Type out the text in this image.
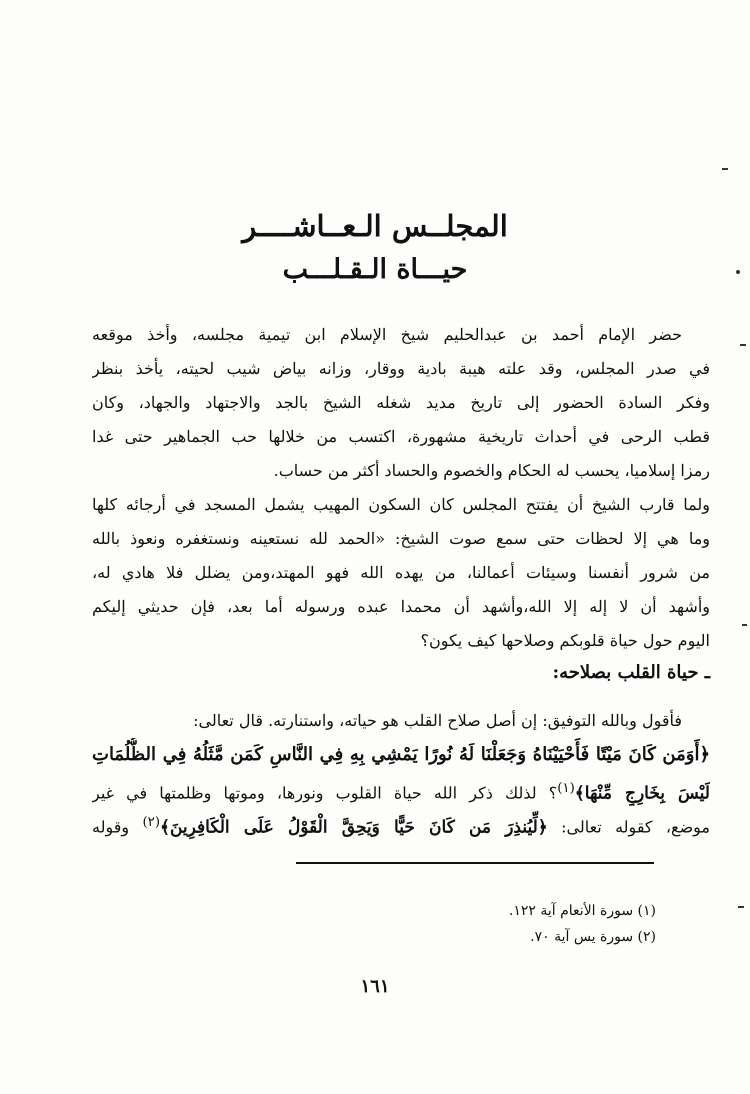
المجلــس الـعــاشــــر
حيـــاة الـقـلـــب
حضر الإمام أحمد بن عبدالحليم شيخ الإسلام ابن تيمية مجلسه، وأخذ موقعه
في صدر المجلس، وقد علته هيبة بادية ووقار، وزانه بياض شيب لحيته، يأخذ بنظر
وفكر السادة الحضور إلى تاريخ مديد شغله الشيخ بالجد والاجتهاد والجهاد، وكان
قطب الرحى في أحداث تاريخية مشهورة، اكتسب من خلالها حب الجماهير حتى غدا
رمزا إسلاميا، يحسب له الحكام والخصوم والحساد أكثر من حساب.
ولما قارب الشيخ أن يفتتح المجلس كان السكون المهيب يشمل المسجد في أرجائه كلها
وما هي إلا لحظات حتى سمع صوت الشيخ: «الحمد لله نستعينه ونستغفره ونعوذ بالله
من شرور أنفسنا وسيئات أعمالنا، من يهده الله فهو المهتد،ومن يضلل فلا هادي له،
وأشهد أن لا إله إلا الله،وأشهد أن محمدا عبده ورسوله أما بعد، فإن حديثي إليكم
اليوم حول حياة قلوبكم وصلاحها كيف يكون؟
ـ حياة القلب بصلاحه:
فأقول وبالله التوفيق: إن أصل صلاح القلب هو حياته، واستنارته. قال تعالى:
﴿أَوَمَن كَانَ مَيْتًا فَأَحْيَيْنَاهُ وَجَعَلْنَا لَهُ نُورًا يَمْشِي بِهِ فِي النَّاسِ كَمَن مَّثَلُهُ فِي الظُّلُمَاتِ
لَيْسَ بِخَارِجٍ مِّنْهَا﴾$^{(١)}$؟ لذلك ذكر الله حياة القلوب ونورها، وموتها وظلمتها في غير
موضع، كقوله تعالى: ﴿لِّيُنذِرَ مَن كَانَ حَيًّا وَيَحِقَّ الْقَوْلُ عَلَى الْكَافِرِينَ﴾$^{(٢)}$ وقوله
(١) سورة الأنعام آية ١٢٢.
(٢) سورة يس آية ٧٠.
١٦١
